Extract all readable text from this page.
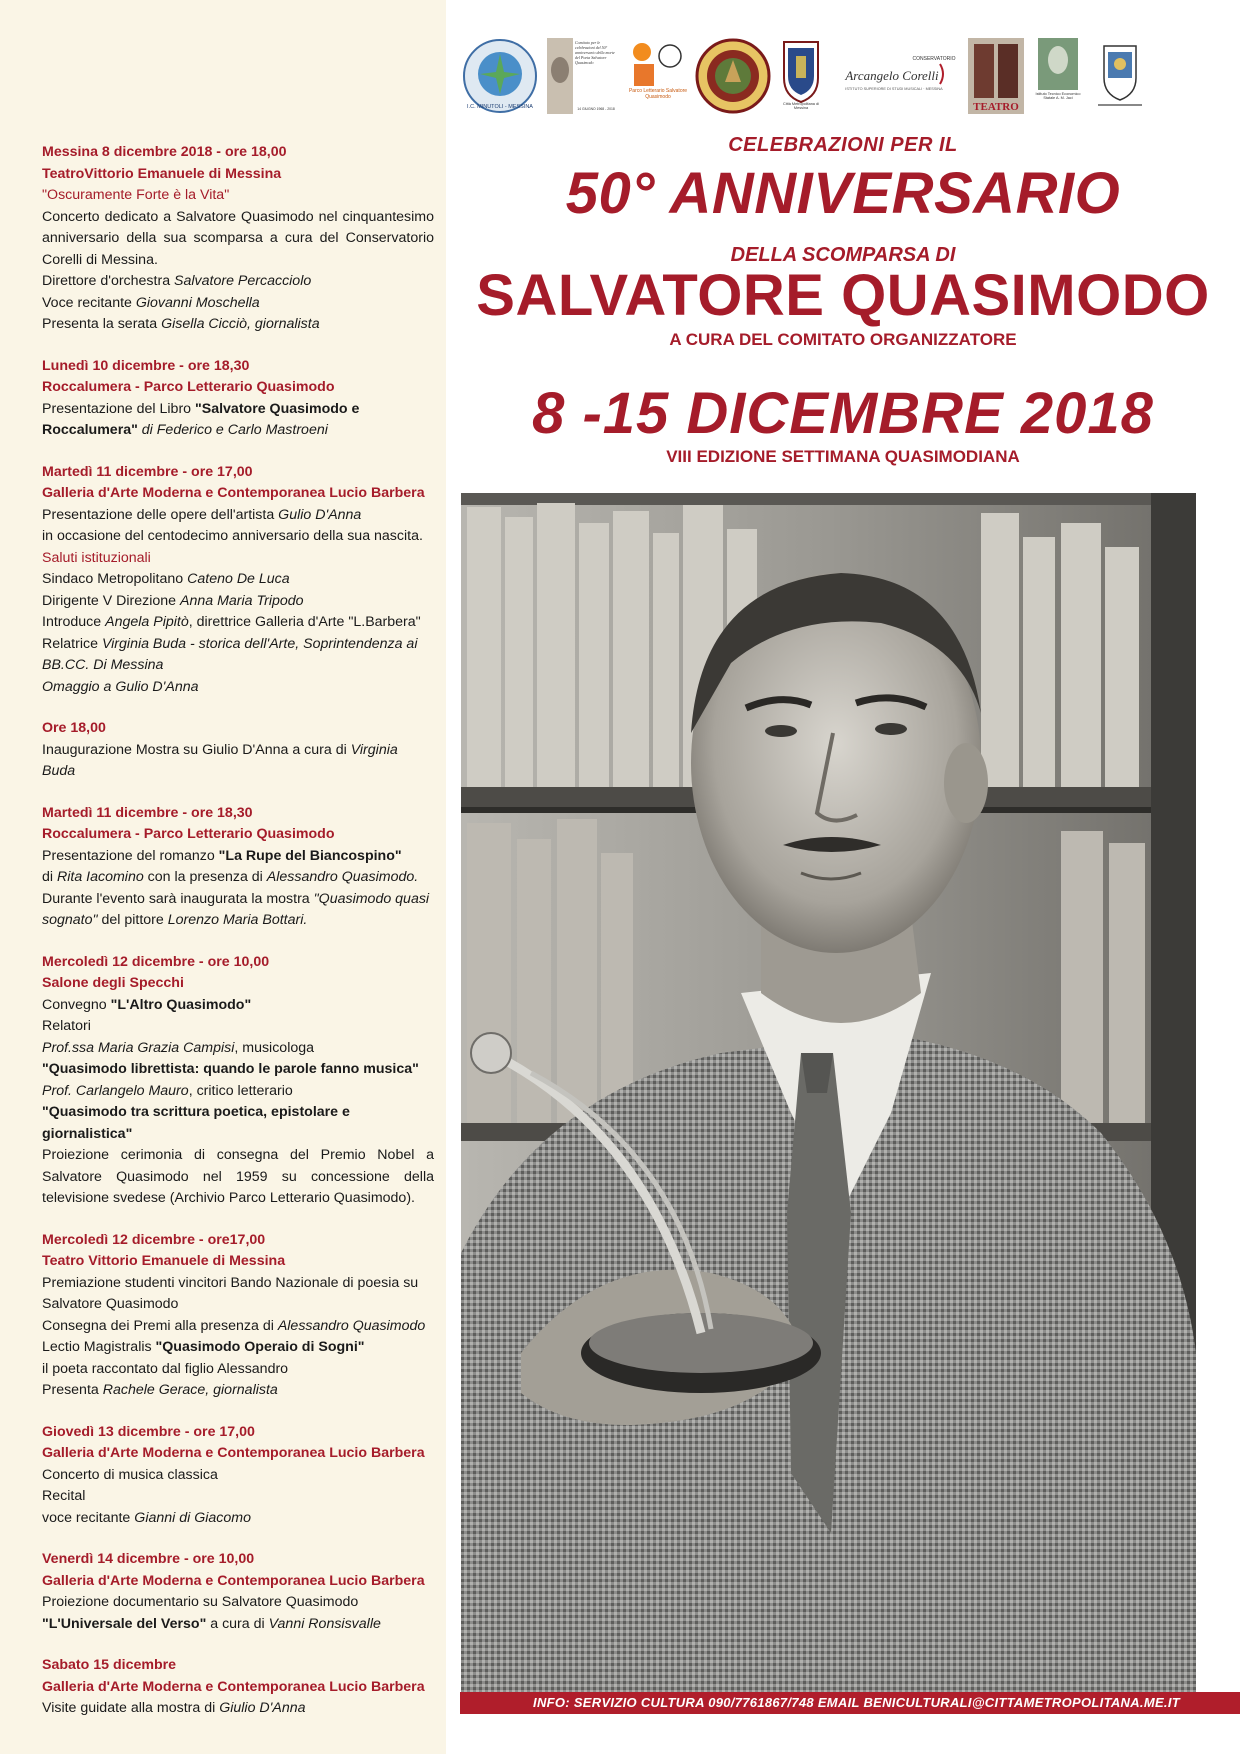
Messina 8 dicembre 2018 - ore 18,00

TeatroVittorio Emanuele di Messina

"Oscuramente Forte è la Vita"

Concerto dedicato a Salvatore Quasimodo nel cinquantesimo anniversario della sua scomparsa a cura del Conservatorio Corelli di Messina.

Direttore d'orchestra Salvatore Percacciolo

Voce recitante Giovanni Moschella

Presenta la serata Gisella Cicciò, giornalista

Lunedì 10 dicembre - ore 18,30

Roccalumera - Parco Letterario Quasimodo

Presentazione del Libro "Salvatore Quasimodo e Roccalumera" di Federico e Carlo Mastroeni

Martedì 11 dicembre - ore 17,00

Galleria d'Arte Moderna e Contemporanea Lucio Barbera

Presentazione delle opere dell'artista Gulio D'Anna

in occasione del centodecimo anniversario della sua nascita.

Saluti istituzionali

Sindaco Metropolitano Cateno De Luca

Dirigente V Direzione Anna Maria Tripodo

Introduce Angela Pipitò, direttrice Galleria d'Arte "L.Barbera"

Relatrice Virginia Buda - storica dell'Arte, Soprintendenza ai BB.CC. Di Messina

Omaggio a Gulio D'Anna

Ore 18,00

Inaugurazione Mostra su Giulio D'Anna a cura di Virginia Buda

Martedì 11 dicembre - ore 18,30

Roccalumera - Parco Letterario Quasimodo

Presentazione del romanzo "La Rupe del Biancospino"

di Rita Iacomino con la presenza di Alessandro Quasimodo.

Durante l'evento sarà inaugurata la mostra "Quasimodo quasi sognato" del pittore Lorenzo Maria Bottari.

Mercoledì 12 dicembre - ore 10,00

Salone degli Specchi

Convegno "L'Altro Quasimodo"

Relatori

Prof.ssa Maria Grazia Campisi, musicologa

"Quasimodo librettista: quando le parole fanno musica"

Prof. Carlangelo Mauro, critico letterario

"Quasimodo tra scrittura poetica, epistolare e giornalistica"

Proiezione cerimonia di consegna del Premio Nobel a Salvatore Quasimodo nel 1959 su concessione della televisione svedese (Archivio Parco Letterario Quasimodo).

Mercoledì 12 dicembre - ore17,00

Teatro Vittorio Emanuele di Messina

Premiazione studenti vincitori Bando Nazionale di poesia su Salvatore Quasimodo

Consegna dei Premi alla presenza di Alessandro Quasimodo

Lectio Magistralis "Quasimodo Operaio di Sogni"

il poeta raccontato dal figlio Alessandro

Presenta Rachele Gerace, giornalista

Giovedì 13 dicembre - ore 17,00

Galleria d'Arte Moderna e Contemporanea Lucio Barbera

Concerto di musica classica

Recital

voce recitante Gianni di Giacomo

Venerdì 14 dicembre - ore 10,00

Galleria d'Arte Moderna e Contemporanea Lucio Barbera

Proiezione documentario su Salvatore Quasimodo

"L'Universale del Verso" a cura di Vanni Ronsisvalle

Sabato 15 dicembre

Galleria d'Arte Moderna e Contemporanea Lucio Barbera

Visite guidate alla mostra di Giulio D'Anna

I.C. MINUTOLI - MESSINA
Comitato per le celebrazioni del 50° anniversario della morte del Poeta Salvatore Quasimodo
14 GIUGNO 1968 - 2018
Parco Letterario Salvatore Quasimodo
Città Metropolitana di Messina
CONSERVATORIO
Arcangelo Corelli
ISTITUTO SUPERIORE DI STUDI MUSICALI · MESSINA
TEATRO
Istituto Tecnico Economico Statale A. M. Jaci
CELEBRAZIONI PER IL
50° ANNIVERSARIO
DELLA SCOMPARSA DI
SALVATORE QUASIMODO
A CURA DEL COMITATO ORGANIZZATORE
8 -15 DICEMBRE 2018
VIII EDIZIONE SETTIMANA QUASIMODIANA
INFO: SERVIZIO CULTURA 090/7761867/748 EMAIL BENICULTURALI@CITTAMETROPOLITANA.ME.IT
